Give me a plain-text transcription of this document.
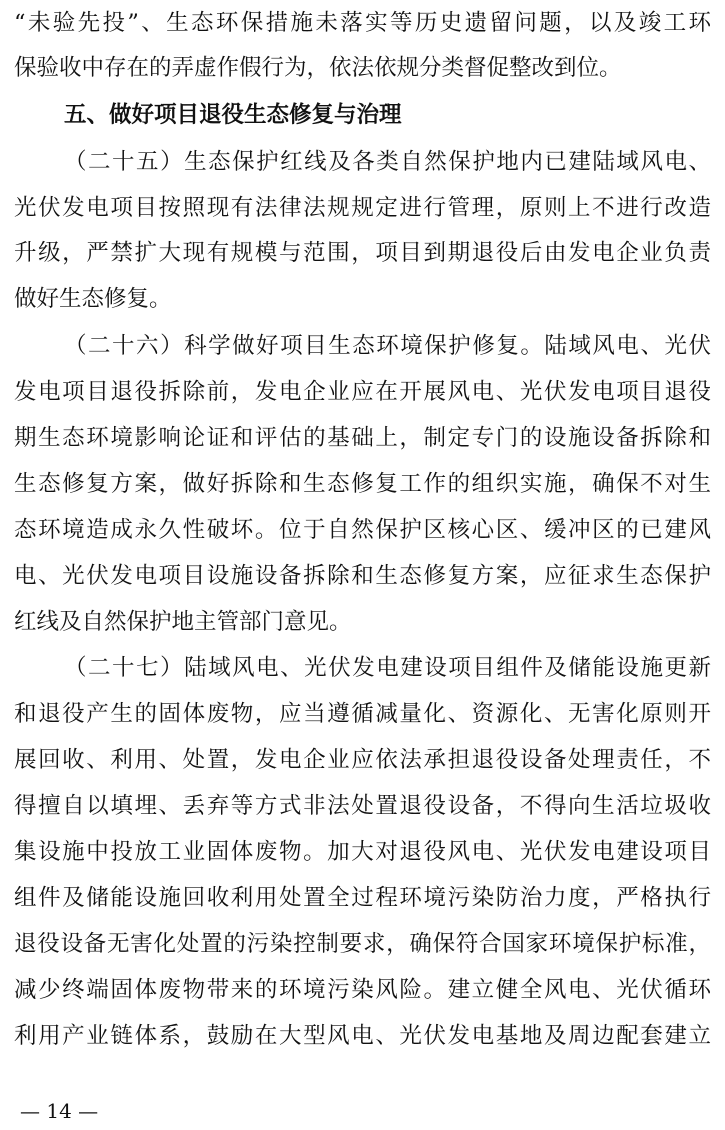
“未验先投”、生态环保措施未落实等历史遗留问题，以及竣工环
保验收中存在的弄虚作假行为，依法依规分类督促整改到位。
五、做好项目退役生态修复与治理
（二十五）生态保护红线及各类自然保护地内已建陆域风电、
光伏发电项目按照现有法律法规规定进行管理，原则上不进行改造
升级，严禁扩大现有规模与范围，项目到期退役后由发电企业负责
做好生态修复。
（二十六）科学做好项目生态环境保护修复。陆域风电、光伏
发电项目退役拆除前，发电企业应在开展风电、光伏发电项目退役
期生态环境影响论证和评估的基础上，制定专门的设施设备拆除和
生态修复方案，做好拆除和生态修复工作的组织实施，确保不对生
态环境造成永久性破坏。位于自然保护区核心区、缓冲区的已建风
电、光伏发电项目设施设备拆除和生态修复方案，应征求生态保护
红线及自然保护地主管部门意见。
（二十七）陆域风电、光伏发电建设项目组件及储能设施更新
和退役产生的固体废物，应当遵循减量化、资源化、无害化原则开
展回收、利用、处置，发电企业应依法承担退役设备处理责任，不
得擅自以填埋、丢弃等方式非法处置退役设备，不得向生活垃圾收
集设施中投放工业固体废物。加大对退役风电、光伏发电建设项目
组件及储能设施回收利用处置全过程环境污染防治力度，严格执行
退役设备无害化处置的污染控制要求，确保符合国家环境保护标准，
减少终端固体废物带来的环境污染风险。建立健全风电、光伏循环
利用产业链体系，鼓励在大型风电、光伏发电基地及周边配套建立
— 14 —
